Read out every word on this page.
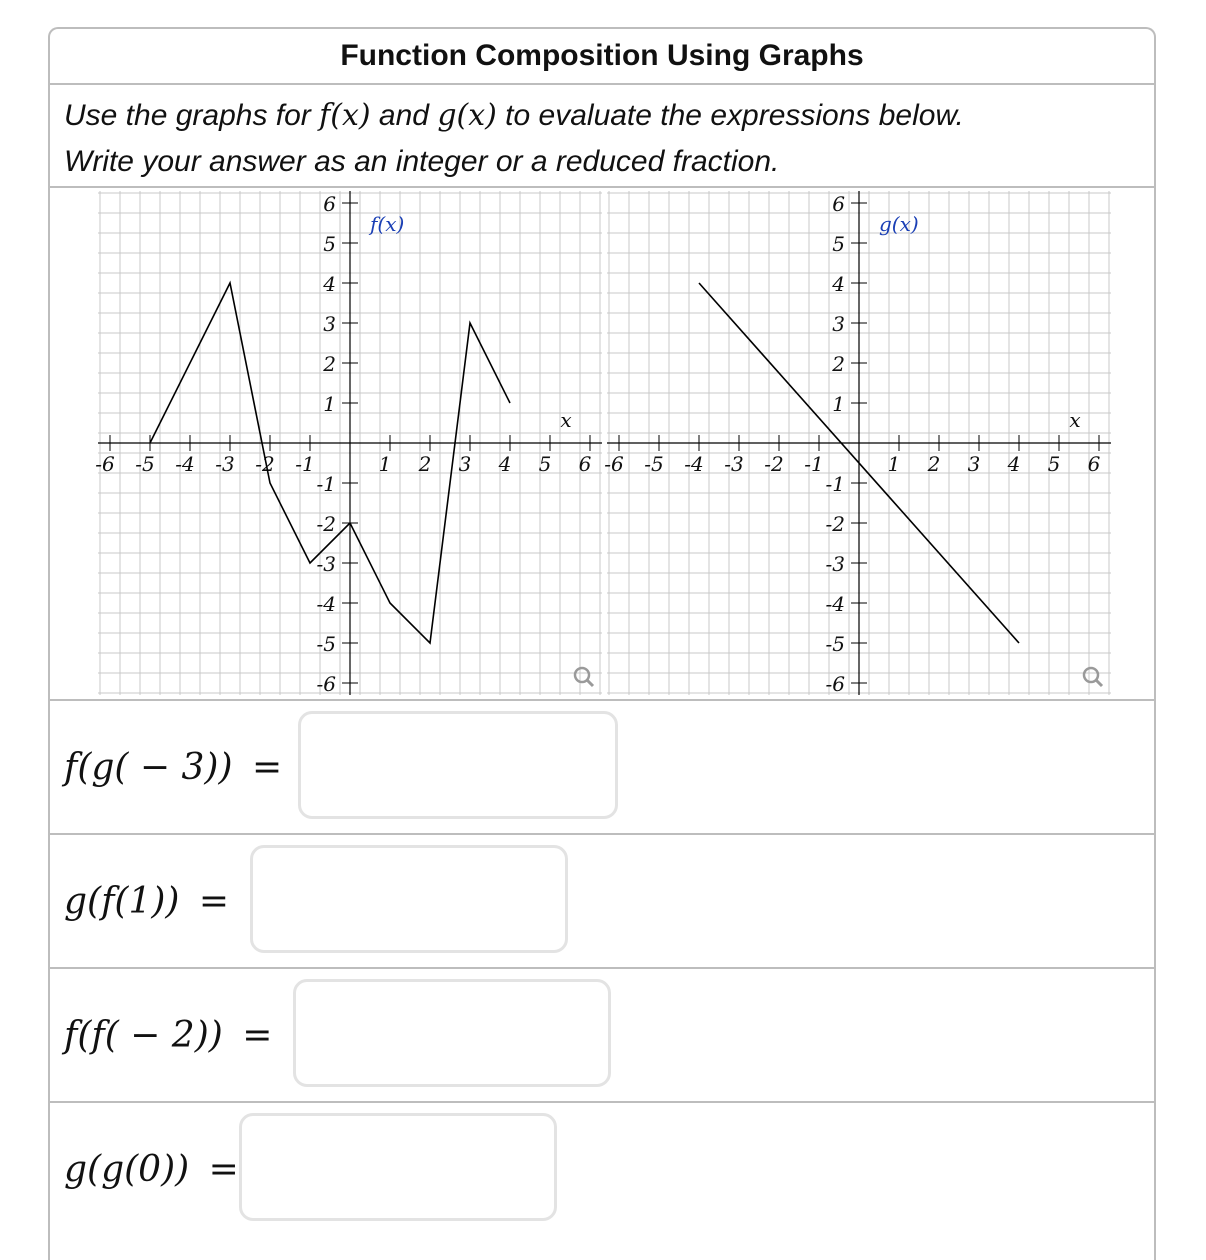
Function Composition Using Graphs
Use the graphs for f(x) and g(x) to evaluate the expressions below.
Write your answer as an integer or a reduced fraction.
-6 -5 -4 -3 -2 -1	1 2 3 4 5 6
6
5
4
3
2
1
-1
-2
-3
-4
-5
-6
x
f(x)
-6 -5 -4 -3 -2 -1	1 2 3 4 5 6
6
5
4
3
2
1
-1
-2
-3
-4
-5
-6
x
g(x)
f(g( − 3)) =
g(f(1)) =
f(f( − 2)) =
g(g(0)) =
